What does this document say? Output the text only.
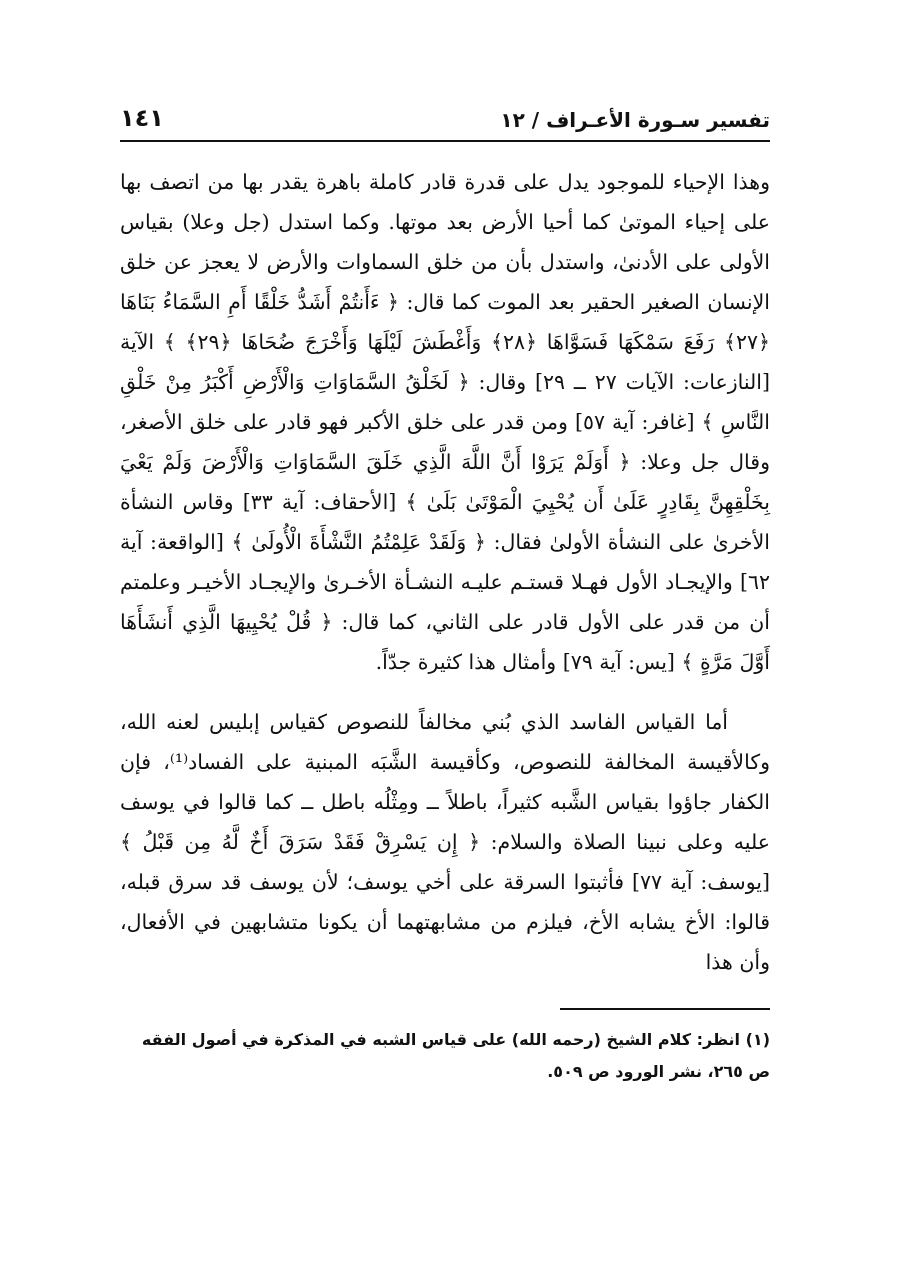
تفسير سـورة الأعـراف / ١٢
١٤١

وهذا الإحياء للموجود يدل على قدرة قادر كاملة باهرة يقدر بها من اتصف بها على إحياء الموتىٰ كما أحيا الأرض بعد موتها. وكما استدل (جل وعلا) بقياس الأولى على الأدنىٰ، واستدل بأن من خلق السماوات والأرض لا يعجز عن خلق الإنسان الصغير الحقير بعد الموت كما قال: ﴿ ءَأَنتُمْ أَشَدُّ خَلْقًا أَمِ السَّمَاءُ بَنَاهَا ﴿٢٧﴾ رَفَعَ سَمْكَهَا فَسَوَّاهَا ﴿٢٨﴾ وَأَغْطَشَ لَيْلَهَا وَأَخْرَجَ ضُحَاهَا ﴿٢٩﴾ ﴾ الآية [النازعات: الآيات ٢٧ ــ ٢٩] وقال: ﴿ لَخَلْقُ السَّمَاوَاتِ وَالْأَرْضِ أَكْبَرُ مِنْ خَلْقِ النَّاسِ ﴾ [غافر: آية ٥٧] ومن قدر على خلق الأكبر فهو قادر على خلق الأصغر، وقال جل وعلا: ﴿ أَوَلَمْ يَرَوْا أَنَّ اللَّهَ الَّذِي خَلَقَ السَّمَاوَاتِ وَالْأَرْضَ وَلَمْ يَعْيَ بِخَلْقِهِنَّ بِقَادِرٍ عَلَىٰ أَن يُحْيِيَ الْمَوْتَىٰ بَلَىٰ ﴾ [الأحقاف: آية ٣٣] وقاس النشأة الأخرىٰ على النشأة الأولىٰ فقال: ﴿ وَلَقَدْ عَلِمْتُمُ النَّشْأَةَ الْأُولَىٰ ﴾ [الواقعة: آية ٦٢] والإيجـاد الأول فهـلا قستـم عليـه النشـأة الأخـرىٰ والإيجـاد الأخيـر وعلمتم أن من قدر على الأول قادر على الثاني، كما قال: ﴿ قُلْ يُحْيِيهَا الَّذِي أَنشَأَهَا أَوَّلَ مَرَّةٍ ﴾ [يس: آية ٧٩] وأمثال هذا كثيرة جدّاً.

أما القياس الفاسد الذي بُني مخالفاً للنصوص كقياس إبليس لعنه الله، وكالأقيسة المخالفة للنصوص، وكأقيسة الشَّبَه المبنية على الفساد⁽¹⁾، فإن الكفار جاؤوا بقياس الشَّبه كثيراً، باطلاً ــ ومِثْلُه باطل ــ كما قالوا في يوسف عليه وعلى نبينا الصلاة والسلام: ﴿ إِن يَسْرِقْ فَقَدْ سَرَقَ أَخٌ لَّهُ مِن قَبْلُ ﴾ [يوسف: آية ٧٧] فأثبتوا السرقة على أخي يوسف؛ لأن يوسف قد سرق قبله، قالوا: الأخ يشابه الأخ، فيلزم من مشابهتهما أن يكونا متشابهين في الأفعال، وأن هذا

(١) انظر: كلام الشيخ (رحمه الله) على قياس الشبه في المذكرة في أصول الفقه ص ٢٦٥، نشر الورود ص ٥٠٩.
